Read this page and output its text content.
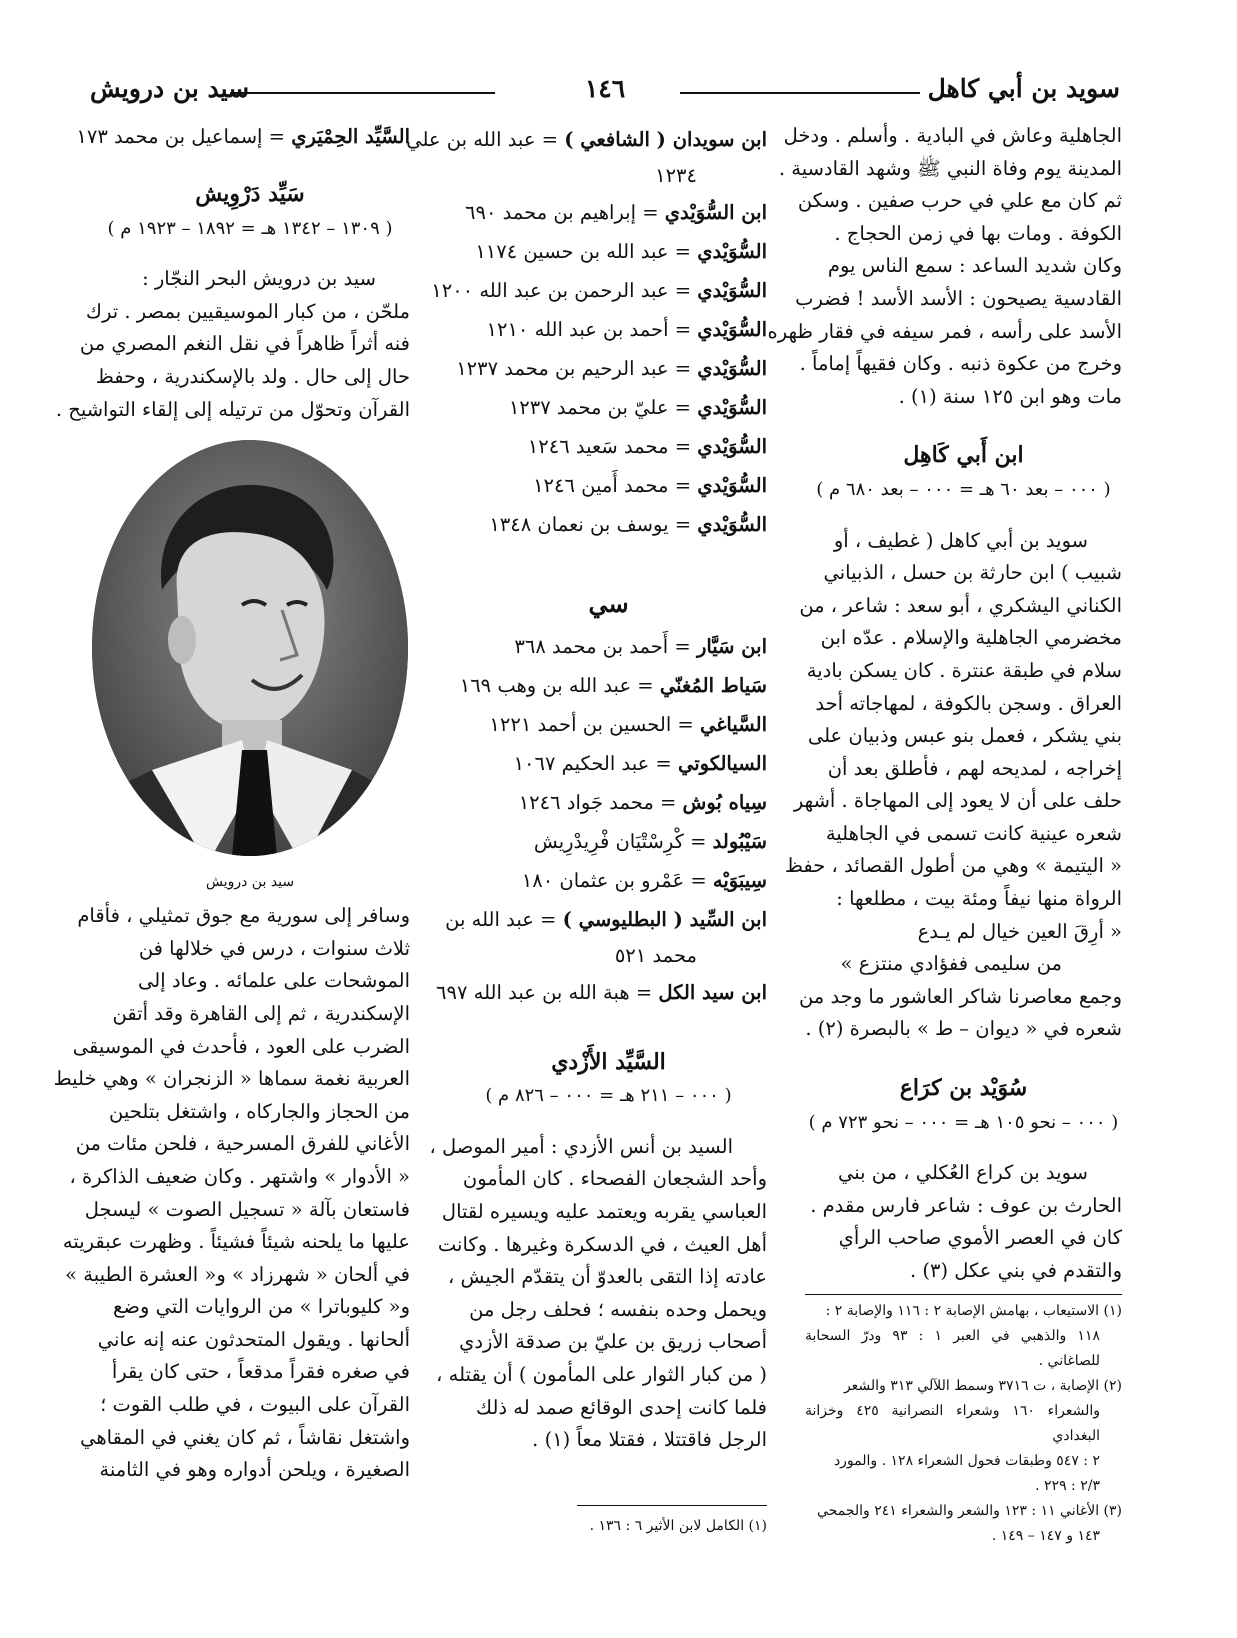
سويد بن أبي كاهل
١٤٦
سيد بن درويش
الجاهلية وعاش في البادية . وأسلم . ودخل
المدينة يوم وفاة النبي ﷺ وشهد القادسية .
ثم كان مع علي في حرب صفين . وسكن
الكوفة . ومات بها في زمن الحجاج .
وكان شديد الساعد : سمع الناس يوم
القادسية يصيحون : الأسد الأسد ! فضرب
الأسد على رأسه ، فمر سيفه في فقار ظهره
وخرج من عكوة ذنبه . وكان فقيهاً إماماً .
مات وهو ابن ١٢٥ سنة (١) .
ابن أَبي كَاهِل
( ٠٠٠ – بعد ٦٠ هـ = ٠٠٠ – بعد ٦٨٠ م )
سويد بن أبي كاهل ( غطيف ، أو
شبيب ) ابن حارثة بن حسل ، الذبياني
الكناني اليشكري ، أبو سعد : شاعر ، من
مخضرمي الجاهلية والإسلام . عدّه ابن
سلام في طبقة عنترة . كان يسكن بادية
العراق . وسجن بالكوفة ، لمهاجاته أحد
بني يشكر ، فعمل بنو عبس وذبيان على
إخراجه ، لمديحه لهم ، فأطلق بعد أن
حلف على أن لا يعود إلى المهاجاة . أشهر
شعره عينية كانت تسمى في الجاهلية
« اليتيمة » وهي من أطول القصائد ، حفظ
الرواة منها نيفاً ومئة بيت ، مطلعها :
« أرِقَ العين خيال لم يـدع
من سليمى ففؤادي منتزع »
وجمع معاصرنا شاكر العاشور ما وجد من
شعره في « ديوان – ط » بالبصرة (٢) .
سُوَيْد بن كرَاع
( ٠٠٠ – نحو ١٠٥ هـ = ٠٠٠ – نحو ٧٢٣ م )
سويد بن كراع العُكلي ، من بني
الحارث بن عوف : شاعر فارس مقدم .
كان في العصر الأموي صاحب الرأي
والتقدم في بني عكل (٣) .

(١) الاستيعاب ، بهامش الإصابة ٢ : ١١٦ والإصابة ٢ :

١١٨ والذهبي في العبر ١ : ٩٣ ودرّ السحابة للصاغاني .

(٢) الإصابة ، ت ٣٧١٦ وسمط اللآلي ٣١٣ والشعر

والشعراء ١٦٠ وشعراء النصرانية ٤٢٥ وخزانة البغدادي

٢ : ٥٤٧ وطبقات فحول الشعراء ١٢٨ . والمورد

٢/٣ : ٢٢٩ .

(٣) الأغاني ١١ : ١٢٣ والشعر والشعراء ٢٤١ والجمحي

١٤٣ و ١٤٧ – ١٤٩ .

ابن سويدان ( الشافعي ) = عبد الله بن علي

١٢٣٤

ابن السُّوَيْدي = إبراهيم بن محمد ٦٩٠

السُّوَيْدي = عبد الله بن حسين ١١٧٤

السُّوَيْدي = عبد الرحمن بن عبد الله ١٢٠٠

السُّوَيْدي = أحمد بن عبد الله ١٢١٠

السُّوَيْدي = عبد الرحيم بن محمد ١٢٣٧

السُّوَيْدي = عليّ بن محمد ١٢٣٧

السُّوَيْدي = محمد سَعيد ١٢٤٦

السُّوَيْدي = محمد أَمين ١٢٤٦

السُّوَيْدي = يوسف بن نعمان ١٣٤٨

سي

ابن سَيَّار = أَحمد بن محمد ٣٦٨

سَياط المُغنّي = عبد الله بن وهب ١٦٩

السَّياغي = الحسين بن أحمد ١٢٢١

السيالكوتي = عبد الحكيم ١٠٦٧

سِياه بُوش = محمد جَواد ١٢٤٦

سَيْبُولد = كْرِسْتْيَان فْرِيدْرِيش

سِيبَوَيْه = عَمْرو بن عثمان ١٨٠

ابن السِّيد ( البطليوسي ) = عبد الله بن

محمد ٥٢١

ابن سيد الكل = هبة الله بن عبد الله ٦٩٧

السَّيِّد الأَزْدي
( ٠٠٠ – ٢١١ هـ = ٠٠٠ – ٨٢٦ م )
السيد بن أنس الأزدي : أمير الموصل ،
وأحد الشجعان الفصحاء . كان المأمون
العباسي يقربه ويعتمد عليه ويسيره لقتال
أهل العيث ، في الدسكرة وغيرها . وكانت
عادته إذا التقى بالعدوّ أن يتقدّم الجيش ،
ويحمل وحده بنفسه ؛ فحلف رجل من
أصحاب زريق بن عليّ بن صدقة الأزدي
( من كبار الثوار على المأمون ) أن يقتله ،
فلما كانت إحدى الوقائع صمد له ذلك
الرجل فاقتتلا ، فقتلا معاً (١) .

(١) الكامل لابن الأثير ٦ : ١٣٦ .

السَّيِّد الحِمْيَري = إسماعيل بن محمد ١٧٣

سَيِّد دَرْوِيش
( ١٣٠٩ – ١٣٤٢ هـ = ١٨٩٢ – ١٩٢٣ م )
سيد بن درويش البحر النجّار :
ملحّن ، من كبار الموسيقيين بمصر . ترك
فنه أثراً ظاهراً في نقل النغم المصري من
حال إلى حال . ولد بالإسكندرية ، وحفظ
القرآن وتحوّل من ترتيله إلى إلقاء التواشيح .
سيد بن درويش
وسافر إلى سورية مع جوق تمثيلي ، فأقام
ثلاث سنوات ، درس في خلالها فن
الموشحات على علمائه . وعاد إلى
الإسكندرية ، ثم إلى القاهرة وقد أتقن
الضرب على العود ، فأحدث في الموسيقى
العربية نغمة سماها « الزنجران » وهي خليط
من الحجاز والجاركاه ، واشتغل بتلحين
الأغاني للفرق المسرحية ، فلحن مئات من
« الأدوار » واشتهر . وكان ضعيف الذاكرة ،
فاستعان بآلة « تسجيل الصوت » ليسجل
عليها ما يلحنه شيئاً فشيئاً . وظهرت عبقريته
في ألحان « شهرزاد » و« العشرة الطيبة »
و« كليوباترا » من الروايات التي وضع
ألحانها . ويقول المتحدثون عنه إنه عاني
في صغره فقراً مدقعاً ، حتى كان يقرأ
القرآن على البيوت ، في طلب القوت ؛
واشتغل نقاشاً ، ثم كان يغني في المقاهي
الصغيرة ، ويلحن أدواره وهو في الثامنة
